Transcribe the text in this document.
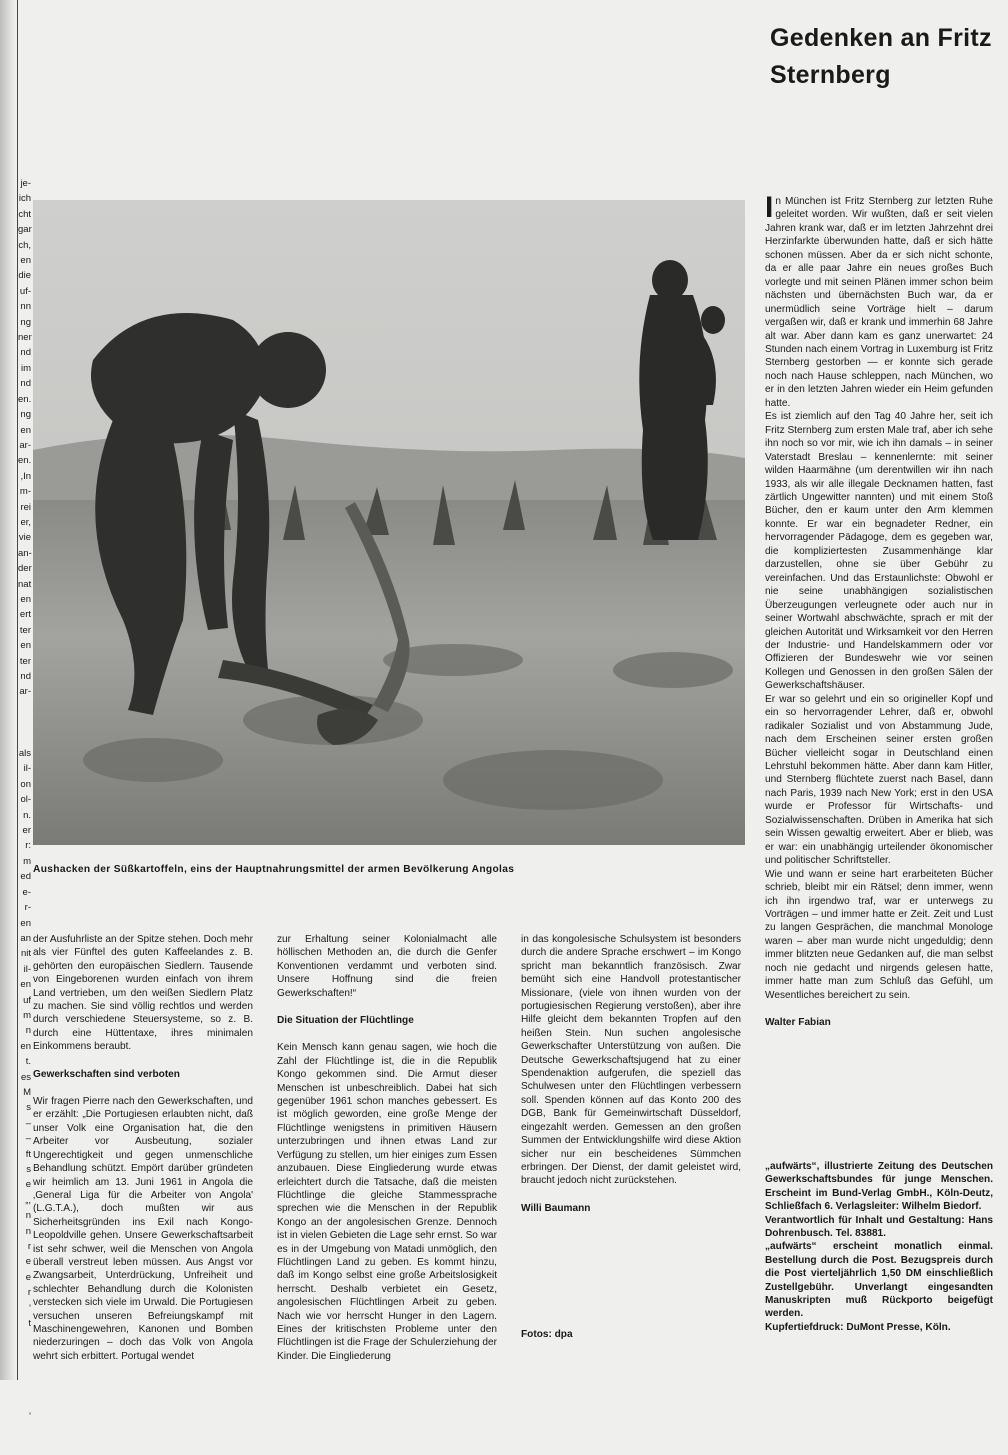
je-
ich
cht
gar
ch,
en
die
uf-
nn
ng
ner
nd
im
nd
en.
ng
en
ar-
en.
,In
m-
rei
er,
vie
an-
der
nat
en
ert
ter
en
ter
nd
ar-

als
il-
on
ol-
n.
er
r:
m
ed
e-
r-
en
an
nit
il-
en
uf
m
n
en
t.
es
M
s
–
–
ft
s
e
„,
n
n
r
e
e
r
'
t

'

Gedenken an Fritz Sternberg
Aushacken der Süßkartoffeln, eins der Hauptnahrungsmittel der armen Bevölkerung Angolas

der Ausfuhrliste an der Spitze stehen. Doch mehr als vier Fünftel des guten Kaffeelandes z. B. gehörten den europäischen Siedlern. Tausende von Eingeborenen wurden einfach von ihrem Land vertrieben, um den weißen Siedlern Platz zu machen. Sie sind völlig rechtlos und werden durch verschiedene Steuersysteme, so z. B. durch eine Hüttentaxe, ihres minimalen Einkommens beraubt.

Gewerkschaften sind verboten

Wir fragen Pierre nach den Gewerkschaften, und er erzählt: „Die Portugiesen erlaubten nicht, daß unser Volk eine Organisation hat, die den Arbeiter vor Ausbeutung, sozialer Ungerechtigkeit und gegen unmenschliche Behandlung schützt. Empört darüber gründeten wir heimlich am 13. Juni 1961 in Angola die ‚General Liga für die Arbeiter von Angola' (L.G.T.A.), doch mußten wir aus Sicherheitsgründen ins Exil nach Kongo-Leopoldville gehen. Unsere Gewerkschaftsarbeit ist sehr schwer, weil die Menschen von Angola überall verstreut leben müssen. Aus Angst vor Zwangsarbeit, Unterdrückung, Unfreiheit und schlechter Behandlung durch die Kolonisten verstecken sich viele im Urwald. Die Portugiesen versuchen unseren Befreiungskampf mit Maschinengewehren, Kanonen und Bomben niederzuringen – doch das Volk von Angola wehrt sich erbittert. Portugal wendet

zur Erhaltung seiner Kolonialmacht alle höllischen Methoden an, die durch die Genfer Konventionen verdammt und verboten sind. Unsere Hoffnung sind die freien Gewerkschaften!“

Die Situation der Flüchtlinge

Kein Mensch kann genau sagen, wie hoch die Zahl der Flüchtlinge ist, die in die Republik Kongo gekommen sind. Die Armut dieser Menschen ist unbeschreiblich. Dabei hat sich gegenüber 1961 schon manches gebessert. Es ist möglich geworden, eine große Menge der Flüchtlinge wenigstens in primitiven Häusern unterzubringen und ihnen etwas Land zur Verfügung zu stellen, um hier einiges zum Essen anzubauen. Diese Eingliederung wurde etwas erleichtert durch die Tatsache, daß die meisten Flüchtlinge die gleiche Stammessprache sprechen wie die Menschen in der Republik Kongo an der angolesischen Grenze. Dennoch ist in vielen Gebieten die Lage sehr ernst. So war es in der Umgebung von Matadi unmöglich, den Flüchtlingen Land zu geben. Es kommt hinzu, daß im Kongo selbst eine große Arbeitslosigkeit herrscht. Deshalb verbietet ein Gesetz, angolesischen Flüchtlingen Arbeit zu geben. Nach wie vor herrscht Hunger in den Lagern. Eines der kritischsten Probleme unter den Flüchtlingen ist die Frage der Schulerziehung der Kinder. Die Eingliederung

in das kongolesische Schulsystem ist besonders durch die andere Sprache erschwert – im Kongo spricht man bekanntlich französisch. Zwar bemüht sich eine Handvoll protestantischer Missionare, (viele von ihnen wurden von der portugiesischen Regierung verstoßen), aber ihre Hilfe gleicht dem bekannten Tropfen auf den heißen Stein. Nun suchen angolesische Gewerkschafter Unterstützung von außen. Die Deutsche Gewerkschaftsjugend hat zu einer Spendenaktion aufgerufen, die speziell das Schulwesen unter den Flüchtlingen verbessern soll. Spenden können auf das Konto 200 des DGB, Bank für Gemeinwirtschaft Düsseldorf, eingezahlt werden. Gemessen an den großen Summen der Entwicklungshilfe wird diese Aktion sicher nur ein bescheidenes Sümmchen erbringen. Der Dienst, der damit geleistet wird, braucht jedoch nicht zurückstehen.

Willi Baumann

Fotos: dpa

In München ist Fritz Sternberg zur letzten Ruhe geleitet worden. Wir wußten, daß er seit vielen Jahren krank war, daß er im letzten Jahrzehnt drei Herzinfarkte überwunden hatte, daß er sich hätte schonen müssen. Aber da er sich nicht schonte, da er alle paar Jahre ein neues großes Buch vorlegte und mit seinen Plänen immer schon beim nächsten und übernächsten Buch war, da er unermüdlich seine Vorträge hielt – darum vergaßen wir, daß er krank und immerhin 68 Jahre alt war. Aber dann kam es ganz unerwartet: 24 Stunden nach einem Vortrag in Luxemburg ist Fritz Sternberg gestorben — er konnte sich gerade noch nach Hause schleppen, nach München, wo er in den letzten Jahren wieder ein Heim gefunden hatte.

Es ist ziemlich auf den Tag 40 Jahre her, seit ich Fritz Sternberg zum ersten Male traf, aber ich sehe ihn noch so vor mir, wie ich ihn damals – in seiner Vaterstadt Breslau – kennenlernte: mit seiner wilden Haarmähne (um derentwillen wir ihn nach 1933, als wir alle illegale Decknamen hatten, fast zärtlich Ungewitter nannten) und mit einem Stoß Bücher, den er kaum unter den Arm klemmen konnte. Er war ein begnadeter Redner, ein hervorragender Pädagoge, dem es gegeben war, die kompliziertesten Zusammenhänge klar darzustellen, ohne sie über Gebühr zu vereinfachen. Und das Erstaunlichste: Obwohl er nie seine unabhängigen sozialistischen Überzeugungen verleugnete oder auch nur in seiner Wortwahl abschwächte, sprach er mit der gleichen Autorität und Wirksamkeit vor den Herren der Industrie- und Handelskammern oder vor Offizieren der Bundeswehr wie vor seinen Kollegen und Genossen in den großen Sälen der Gewerkschaftshäuser.

Er war so gelehrt und ein so origineller Kopf und ein so hervorragender Lehrer, daß er, obwohl radikaler Sozialist und von Abstammung Jude, nach dem Erscheinen seiner ersten großen Bücher vielleicht sogar in Deutschland einen Lehrstuhl bekommen hätte. Aber dann kam Hitler, und Sternberg flüchtete zuerst nach Basel, dann nach Paris, 1939 nach New York; erst in den USA wurde er Professor für Wirtschafts- und Sozialwissenschaften. Drüben in Amerika hat sich sein Wissen gewaltig erweitert. Aber er blieb, was er war: ein unabhängig urteilender ökonomischer und politischer Schriftsteller.

Wie und wann er seine hart erarbeiteten Bücher schrieb, bleibt mir ein Rätsel; denn immer, wenn ich ihn irgendwo traf, war er unterwegs zu Vorträgen – und immer hatte er Zeit. Zeit und Lust zu langen Gesprächen, die manchmal Monologe waren – aber man wurde nicht ungeduldig; denn immer blitzten neue Gedanken auf, die man selbst noch nie gedacht und nirgends gelesen hatte, immer hatte man zum Schluß das Gefühl, um Wesentliches bereichert zu sein.

Walter Fabian

„aufwärts“, illustrierte Zeitung des Deutschen Gewerkschaftsbundes für junge Menschen. Erscheint im Bund-Verlag GmbH., Köln-Deutz, Schließfach 6. Verlagsleiter: Wilhelm Biedorf.

Verantwortlich für Inhalt und Gestaltung: Hans Dohrenbusch. Tel. 83881.

„aufwärts“ erscheint monatlich einmal. Bestellung durch die Post. Bezugspreis durch die Post vierteljährlich 1,50 DM einschließlich Zustellgebühr. Unverlangt eingesandten Manuskripten muß Rückporto beigefügt werden.

Kupfertiefdruck: DuMont Presse, Köln.
